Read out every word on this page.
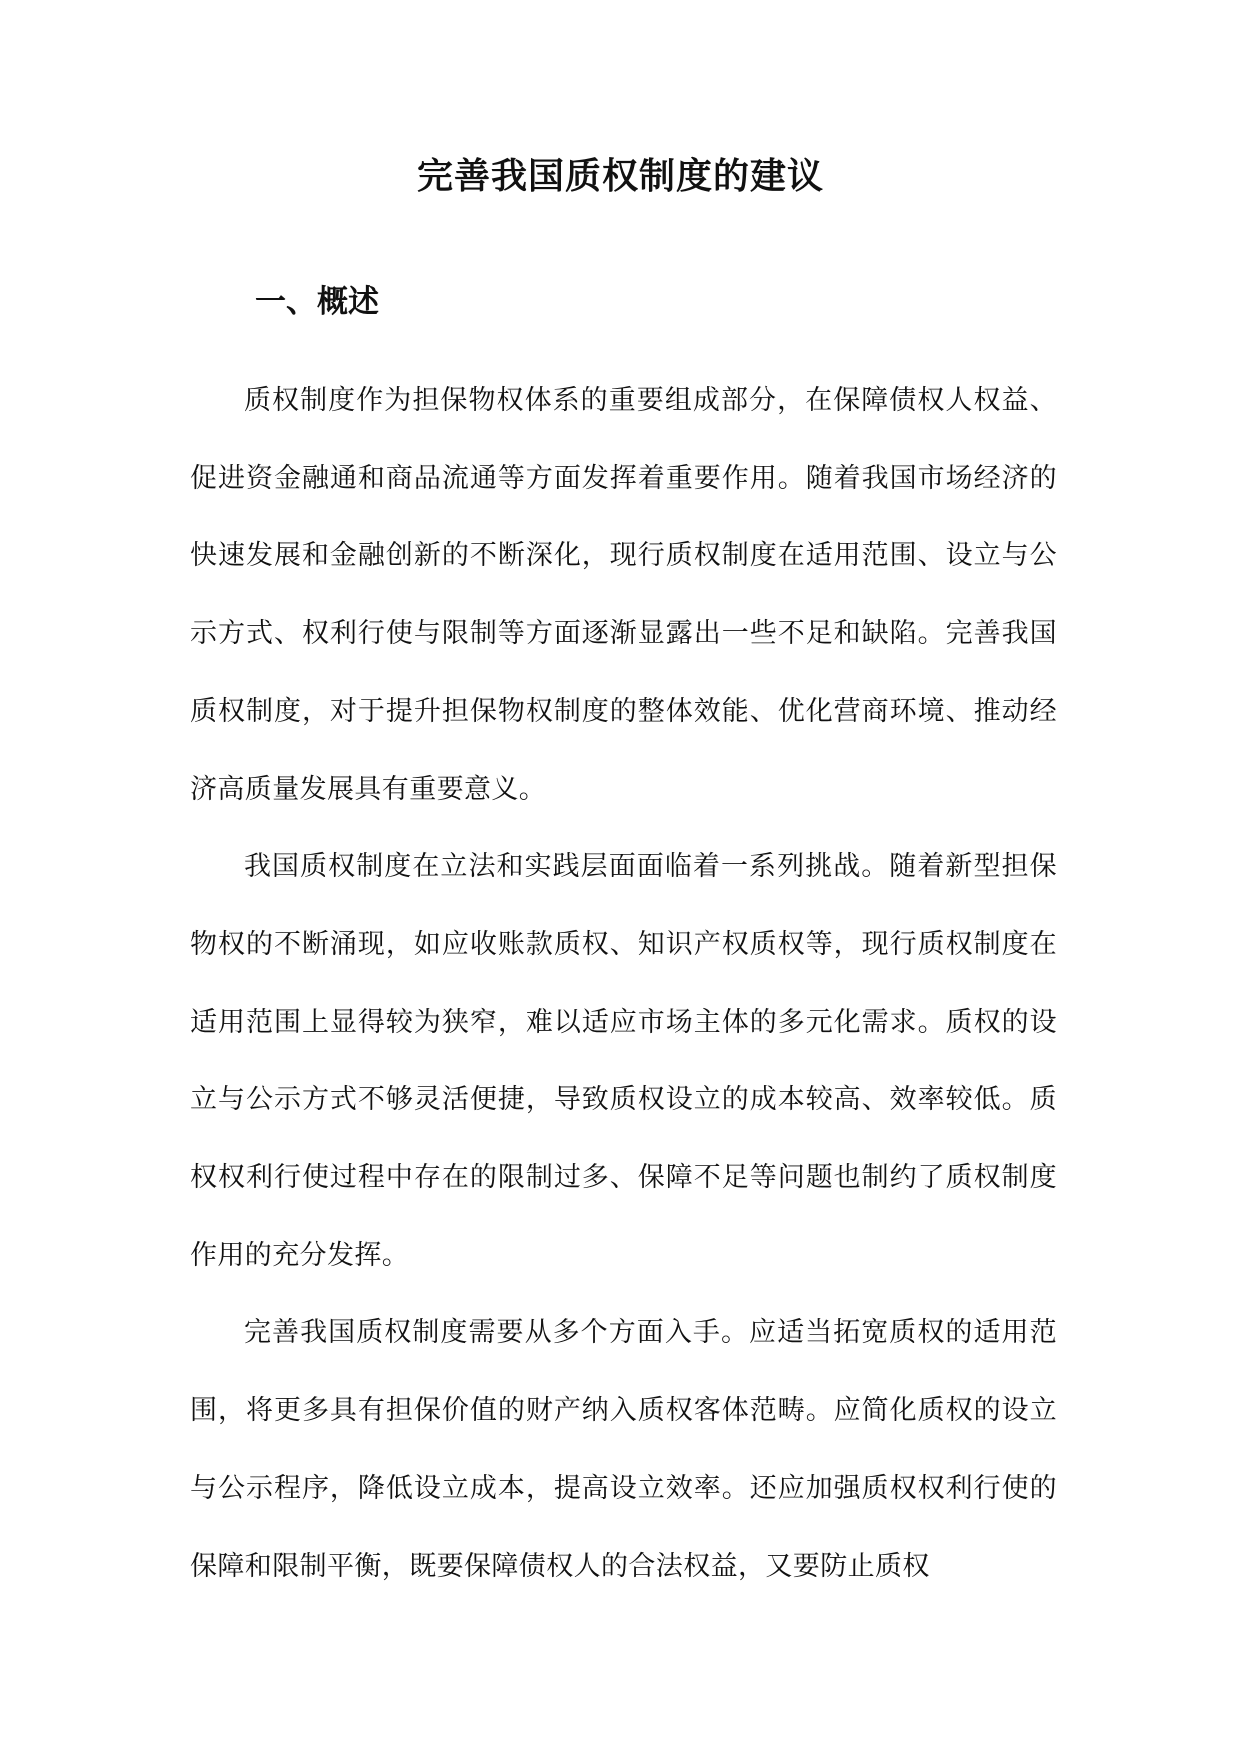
完善我国质权制度的建议
一、概述

质权制度作为担保物权体系的重要组成部分，在保障债权人权益、促进资金融通和商品流通等方面发挥着重要作用。随着我国市场经济的快速发展和金融创新的不断深化，现行质权制度在适用范围、设立与公示方式、权利行使与限制等方面逐渐显露出一些不足和缺陷。完善我国质权制度，对于提升担保物权制度的整体效能、优化营商环境、推动经济高质量发展具有重要意义。

我国质权制度在立法和实践层面面临着一系列挑战。随着新型担保物权的不断涌现，如应收账款质权、知识产权质权等，现行质权制度在适用范围上显得较为狭窄，难以适应市场主体的多元化需求。质权的设立与公示方式不够灵活便捷，导致质权设立的成本较高、效率较低。质权权利行使过程中存在的限制过多、保障不足等问题也制约了质权制度作用的充分发挥。

完善我国质权制度需要从多个方面入手。应适当拓宽质权的适用范围，将更多具有担保价值的财产纳入质权客体范畴。应简化质权的设立与公示程序，降低设立成本，提高设立效率。还应加强质权权利行使的保障和限制平衡，既要保障债权人的合法权益，又要防止质权
